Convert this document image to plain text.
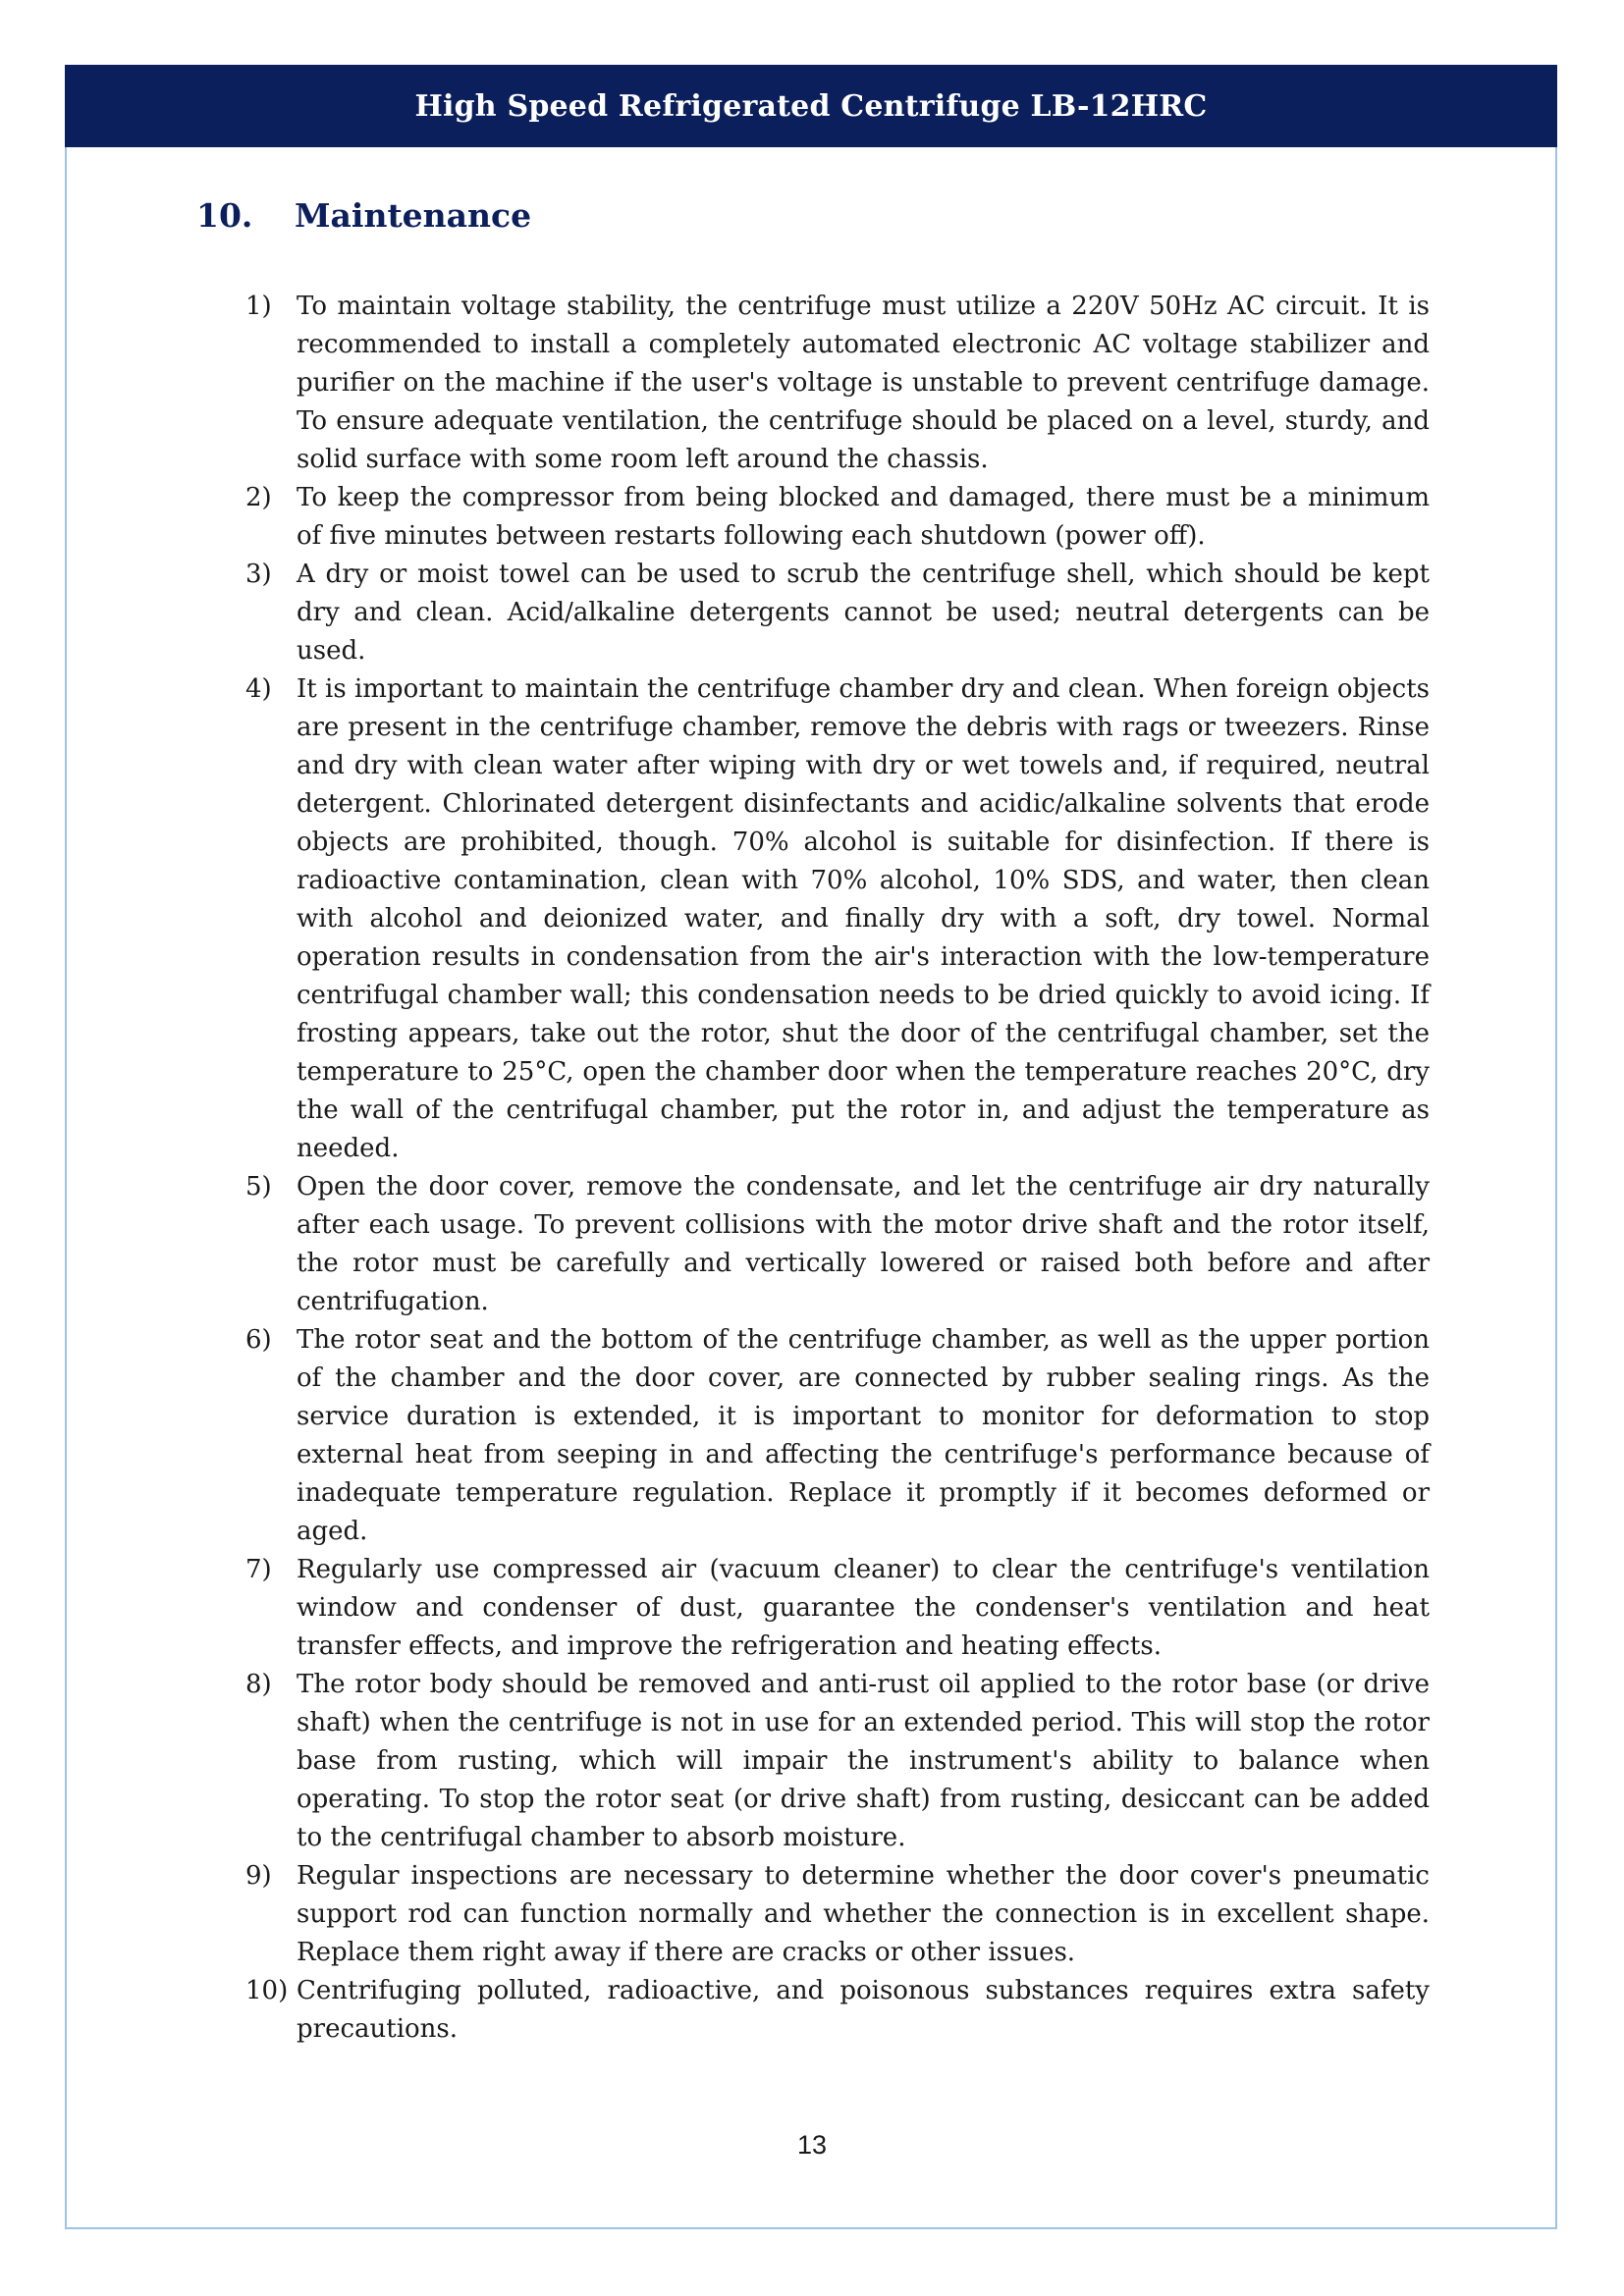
High Speed Refrigerated Centrifuge LB-12HRC
10.	Maintenance
1) To maintain voltage stability, the centrifuge must utilize a 220V 50Hz AC circuit. It is recommended to install a completely automated electronic AC voltage stabilizer and purifier on the machine if the user's voltage is unstable to prevent centrifuge damage. To ensure adequate ventilation, the centrifuge should be placed on a level, sturdy, and solid surface with some room left around the chassis.
2) To keep the compressor from being blocked and damaged, there must be a minimum of five minutes between restarts following each shutdown (power off).
3) A dry or moist towel can be used to scrub the centrifuge shell, which should be kept dry and clean. Acid/alkaline detergents cannot be used; neutral detergents can be used.
4) It is important to maintain the centrifuge chamber dry and clean. When foreign objects are present in the centrifuge chamber, remove the debris with rags or tweezers. Rinse and dry with clean water after wiping with dry or wet towels and, if required, neutral detergent. Chlorinated detergent disinfectants and acidic/alkaline solvents that erode objects are prohibited, though. 70% alcohol is suitable for disinfection. If there is radioactive contamination, clean with 70% alcohol, 10% SDS, and water, then clean with alcohol and deionized water, and finally dry with a soft, dry towel. Normal operation results in condensation from the air's interaction with the low-temperature centrifugal chamber wall; this condensation needs to be dried quickly to avoid icing. If frosting appears, take out the rotor, shut the door of the centrifugal chamber, set the temperature to 25°C, open the chamber door when the temperature reaches 20°C, dry the wall of the centrifugal chamber, put the rotor in, and adjust the temperature as needed.
5) Open the door cover, remove the condensate, and let the centrifuge air dry naturally after each usage. To prevent collisions with the motor drive shaft and the rotor itself, the rotor must be carefully and vertically lowered or raised both before and after centrifugation.
6) The rotor seat and the bottom of the centrifuge chamber, as well as the upper portion of the chamber and the door cover, are connected by rubber sealing rings. As the service duration is extended, it is important to monitor for deformation to stop external heat from seeping in and affecting the centrifuge's performance because of inadequate temperature regulation. Replace it promptly if it becomes deformed or aged.
7) Regularly use compressed air (vacuum cleaner) to clear the centrifuge's ventilation window and condenser of dust, guarantee the condenser's ventilation and heat transfer effects, and improve the refrigeration and heating effects.
8) The rotor body should be removed and anti-rust oil applied to the rotor base (or drive shaft) when the centrifuge is not in use for an extended period. This will stop the rotor base from rusting, which will impair the instrument's ability to balance when operating. To stop the rotor seat (or drive shaft) from rusting, desiccant can be added to the centrifugal chamber to absorb moisture.
9) Regular inspections are necessary to determine whether the door cover's pneumatic support rod can function normally and whether the connection is in excellent shape. Replace them right away if there are cracks or other issues.
10) Centrifuging polluted, radioactive, and poisonous substances requires extra safety precautions.
13
